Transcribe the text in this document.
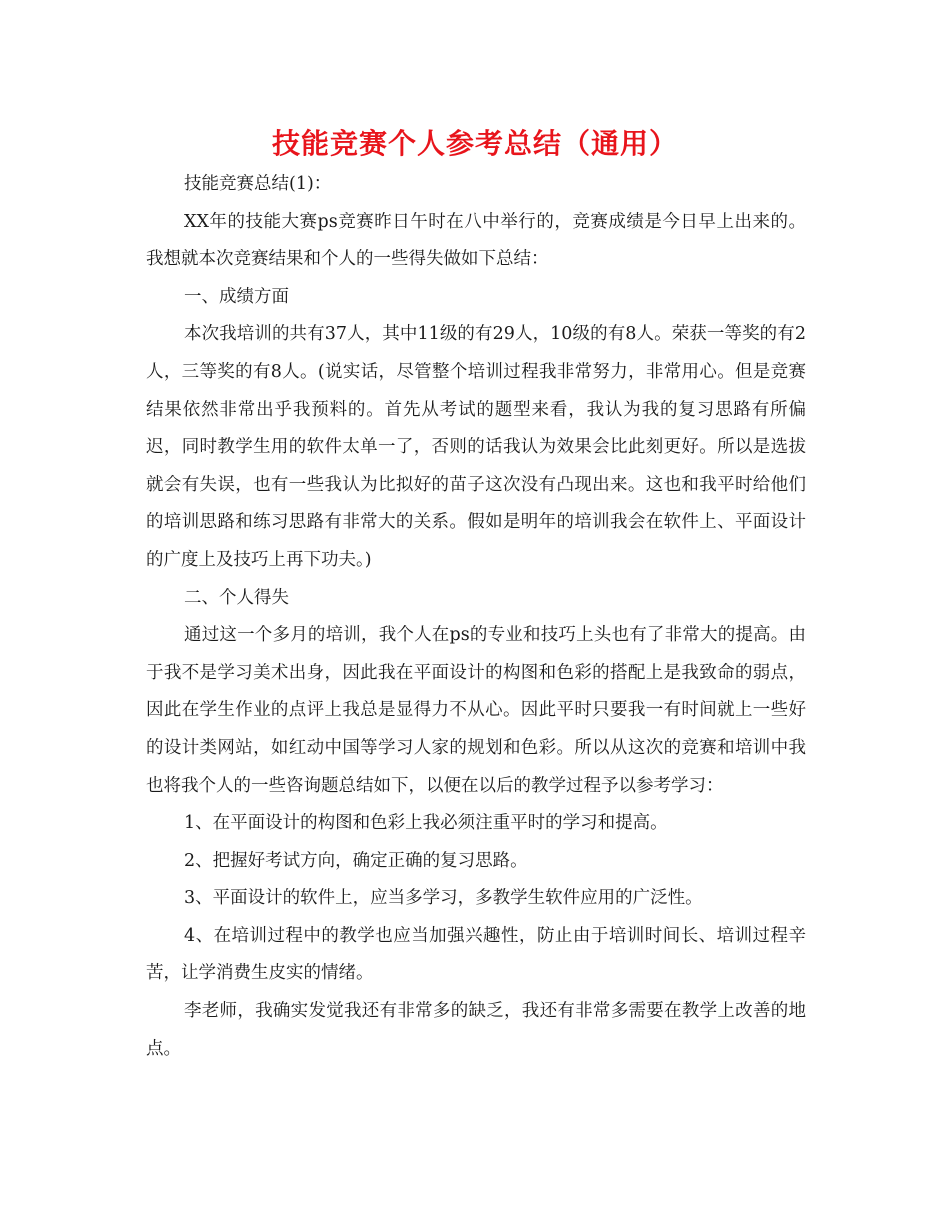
技能竞赛个人参考总结（通用）

技能竞赛总结(1)：

XX年的技能大赛ps竞赛昨日午时在八中举行的，竞赛成绩是今日早上出来的。我想就本次竞赛结果和个人的一些得失做如下总结：

一、成绩方面

本次我培训的共有37人，其中11级的有29人，10级的有8人。荣获一等奖的有2人，三等奖的有8人。(说实话，尽管整个培训过程我非常努力，非常用心。但是竞赛结果依然非常出乎我预料的。首先从考试的题型来看，我认为我的复习思路有所偏迟，同时教学生用的软件太单一了，否则的话我认为效果会比此刻更好。所以是选拔就会有失误，也有一些我认为比拟好的苗子这次没有凸现出来。这也和我平时给他们的培训思路和练习思路有非常大的关系。假如是明年的培训我会在软件上、平面设计的广度上及技巧上再下功夫。)

二、个人得失

通过这一个多月的培训，我个人在ps的专业和技巧上头也有了非常大的提高。由于我不是学习美术出身，因此我在平面设计的构图和色彩的搭配上是我致命的弱点，因此在学生作业的点评上我总是显得力不从心。因此平时只要我一有时间就上一些好的设计类网站，如红动中国等学习人家的规划和色彩。所以从这次的竞赛和培训中我也将我个人的一些咨询题总结如下，以便在以后的教学过程予以参考学习：

1、在平面设计的构图和色彩上我必须注重平时的学习和提高。

2、把握好考试方向，确定正确的复习思路。

3、平面设计的软件上，应当多学习，多教学生软件应用的广泛性。

4、在培训过程中的教学也应当加强兴趣性，防止由于培训时间长、培训过程辛苦，让学消费生皮实的情绪。

李老师，我确实发觉我还有非常多的缺乏，我还有非常多需要在教学上改善的地点。
